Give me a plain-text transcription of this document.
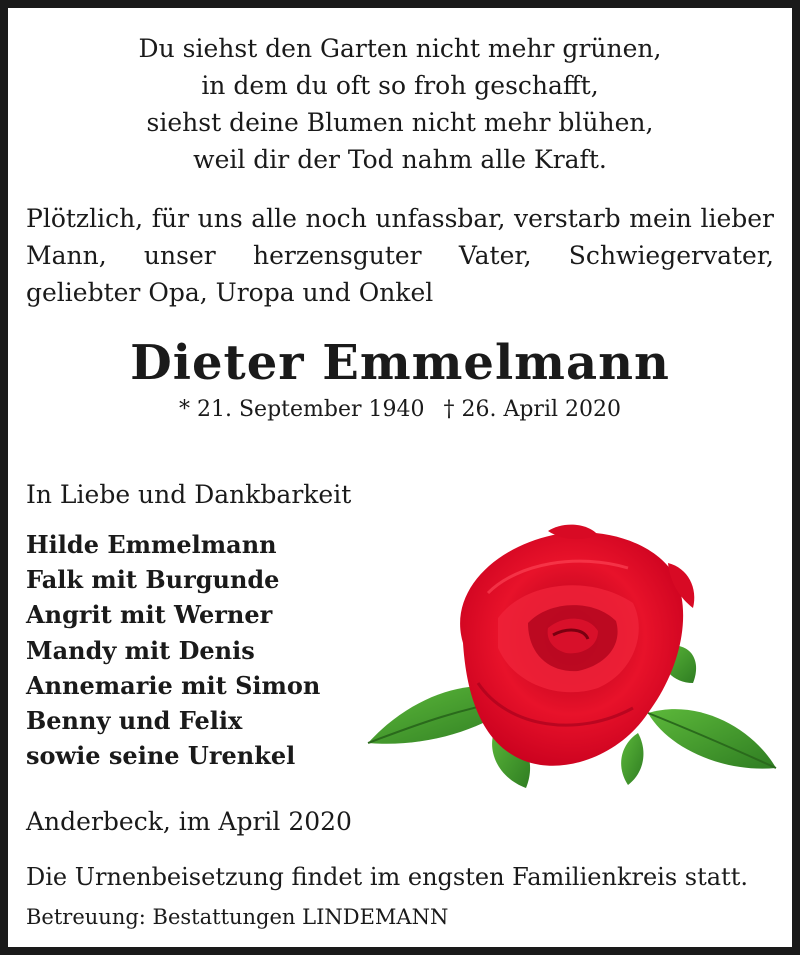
Du siehst den Garten nicht mehr grünen,
in dem du oft so froh geschafft,
siehst deine Blumen nicht mehr blühen,
weil dir der Tod nahm alle Kraft.
Plötzlich, für uns alle noch unfassbar, verstarb mein lieber Mann, unser herzensguter Vater, Schwiegervater, geliebter Opa, Uropa und Onkel
Dieter Emmelmann
* 21. September 1940 † 26. April 2020
In Liebe und Dankbarkeit
Hilde Emmelmann
Falk mit Burgunde
Angrit mit Werner
Mandy mit Denis
Annemarie mit Simon
Benny und Felix
sowie seine Urenkel
Anderbeck, im April 2020
Die Urnenbeisetzung findet im engsten Familienkreis statt.
Betreuung: Bestattungen LINDEMANN
